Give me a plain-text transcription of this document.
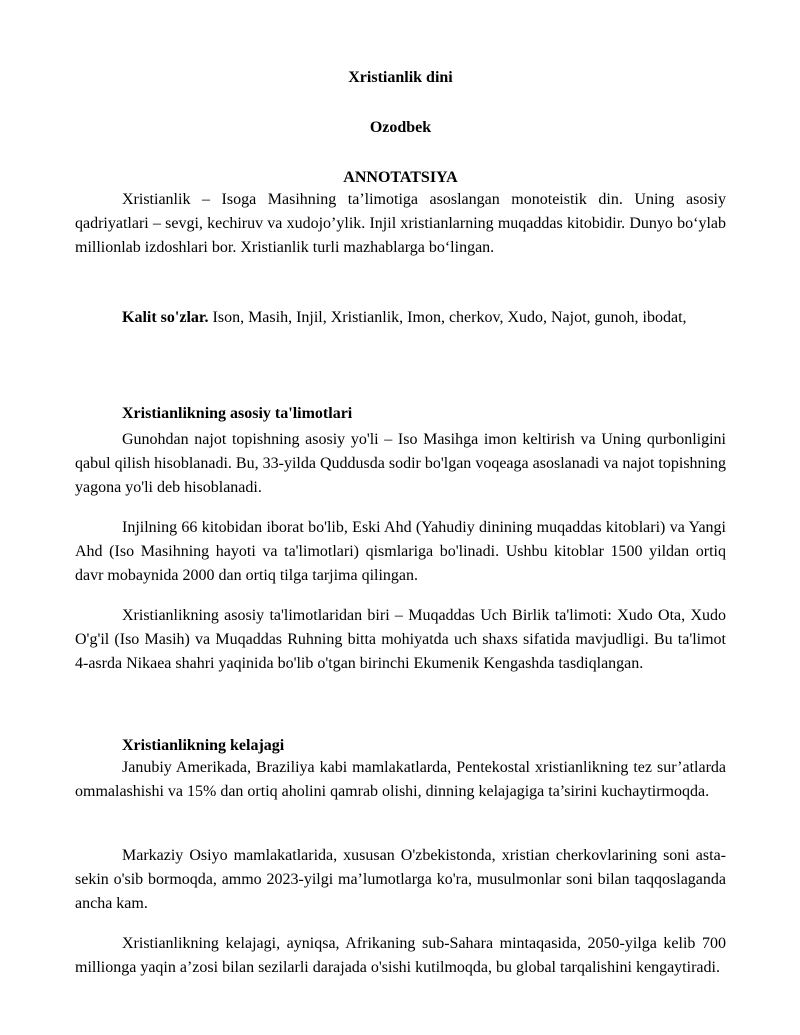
Xristianlik dini
Ozodbek
ANNOTATSIYA
Xristianlik – Isoga Masihning ta’limotiga asoslangan monoteistik din. Uning asosiy qadriyatlari – sevgi, kechiruv va xudojo’ylik. Injil xristianlarning muqaddas kitobidir. Dunyo bo‘ylab millionlab izdoshlari bor. Xristianlik turli mazhablarga bo‘lingan.
Kalit so'zlar. Ison, Masih, Injil, Xristianlik, Imon, cherkov, Xudo, Najot, gunoh, ibodat,
Xristianlikning asosiy ta'limotlari
Gunohdan najot topishning asosiy yo'li – Iso Masihga imon keltirish va Uning qurbonligini qabul qilish hisoblanadi. Bu, 33-yilda Quddusda sodir bo'lgan voqeaga asoslanadi va najot topishning yagona yo'li deb hisoblanadi.
Injilning 66 kitobidan iborat bo'lib, Eski Ahd (Yahudiy dinining muqaddas kitoblari) va Yangi Ahd (Iso Masihning hayoti va ta'limotlari) qismlariga bo'linadi. Ushbu kitoblar 1500 yildan ortiq davr mobaynida 2000 dan ortiq tilga tarjima qilingan.
Xristianlikning asosiy ta'limotlaridan biri – Muqaddas Uch Birlik ta'limoti: Xudo Ota, Xudo O'g'il (Iso Masih) va Muqaddas Ruhning bitta mohiyatda uch shaxs sifatida mavjudligi. Bu ta'limot 4-asrda Nikaea shahri yaqinida bo'lib o'tgan birinchi Ekumenik Kengashda tasdiqlangan.
Xristianlikning kelajagi
Janubiy Amerikada, Braziliya kabi mamlakatlarda, Pentekostal xristianlikning tez sur’atlarda ommalashishi va 15% dan ortiq aholini qamrab olishi, dinning kelajagiga ta’sirini kuchaytirmoqda.
Markaziy Osiyo mamlakatlarida, xususan O'zbekistonda, xristian cherkovlarining soni asta-sekin o'sib bormoqda, ammo 2023-yilgi ma’lumotlarga ko'ra, musulmonlar soni bilan taqqoslaganda ancha kam.
Xristianlikning kelajagi, ayniqsa, Afrikaning sub-Sahara mintaqasida, 2050-yilga kelib 700 millionga yaqin a’zosi bilan sezilarli darajada o'sishi kutilmoqda, bu global tarqalishini kengaytiradi.
